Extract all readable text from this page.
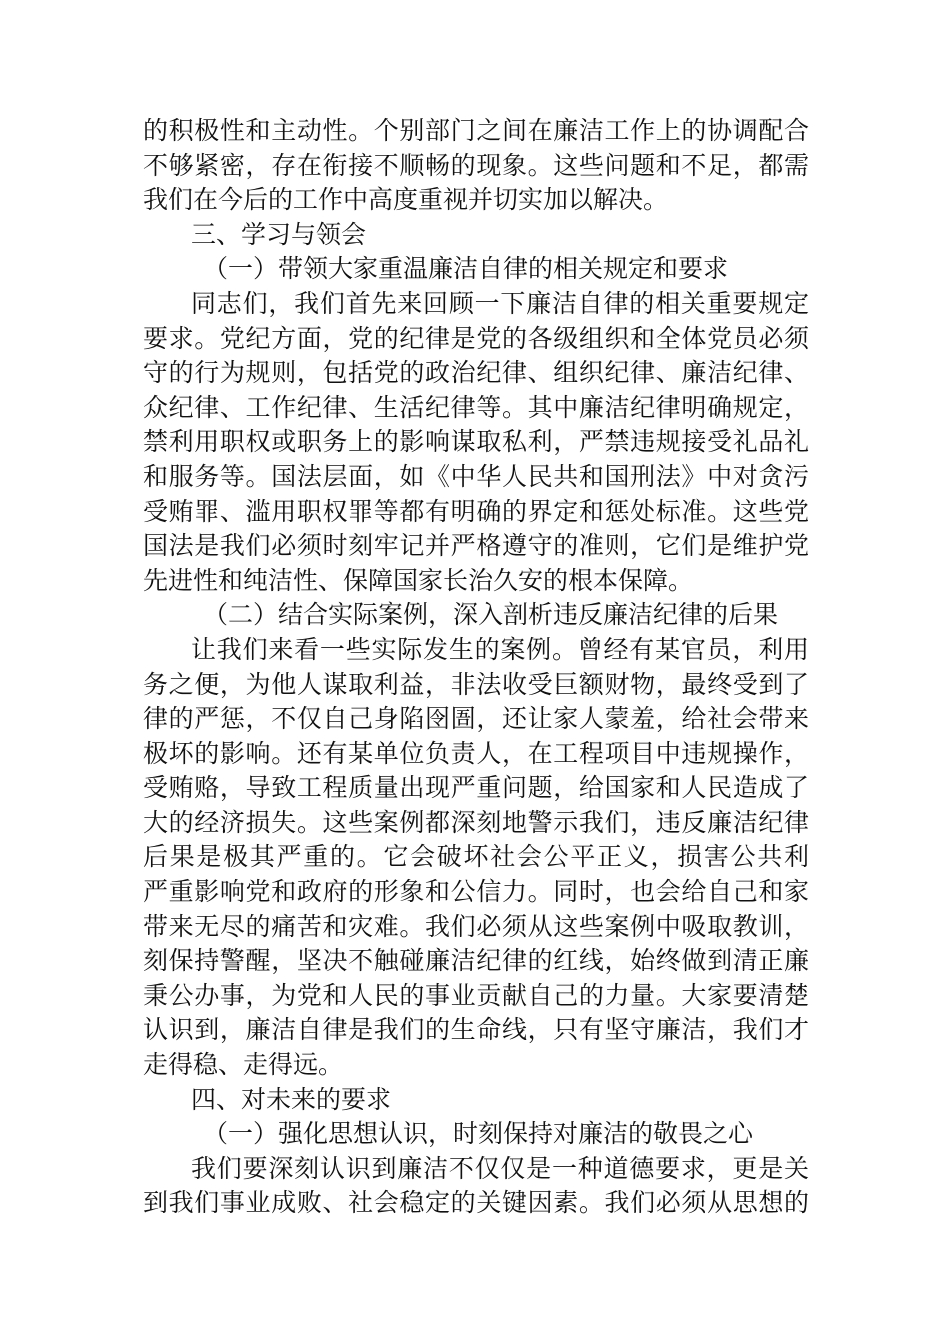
的积极性和主动性。个别部门之间在廉洁工作上的协调配合
不够紧密，存在衔接不顺畅的现象。这些问题和不足，都需
我们在今后的工作中高度重视并切实加以解决。
三、学习与领会
（一）带领大家重温廉洁自律的相关规定和要求
同志们，我们首先来回顾一下廉洁自律的相关重要规定
要求。党纪方面，党的纪律是党的各级组织和全体党员必须
守的行为规则，包括党的政治纪律、组织纪律、廉洁纪律、
众纪律、工作纪律、生活纪律等。其中廉洁纪律明确规定，
禁利用职权或职务上的影响谋取私利，严禁违规接受礼品礼
和服务等。国法层面，如《中华人民共和国刑法》中对贪污
受贿罪、滥用职权罪等都有明确的界定和惩处标准。这些党
国法是我们必须时刻牢记并严格遵守的准则，它们是维护党
先进性和纯洁性、保障国家长治久安的根本保障。
（二）结合实际案例，深入剖析违反廉洁纪律的后果
让我们来看一些实际发生的案例。曾经有某官员，利用
务之便，为他人谋取利益，非法收受巨额财物，最终受到了
律的严惩，不仅自己身陷囹圄，还让家人蒙羞，给社会带来
极坏的影响。还有某单位负责人，在工程项目中违规操作，
受贿赂，导致工程质量出现严重问题，给国家和人民造成了
大的经济损失。这些案例都深刻地警示我们，违反廉洁纪律
后果是极其严重的。它会破坏社会公平正义，损害公共利
严重影响党和政府的形象和公信力。同时，也会给自己和家
带来无尽的痛苦和灾难。我们必须从这些案例中吸取教训，
刻保持警醒，坚决不触碰廉洁纪律的红线，始终做到清正廉
秉公办事，为党和人民的事业贡献自己的力量。大家要清楚
认识到，廉洁自律是我们的生命线，只有坚守廉洁，我们才
走得稳、走得远。
四、对未来的要求
（一）强化思想认识，时刻保持对廉洁的敬畏之心
我们要深刻认识到廉洁不仅仅是一种道德要求，更是关
到我们事业成败、社会稳定的关键因素。我们必须从思想的
